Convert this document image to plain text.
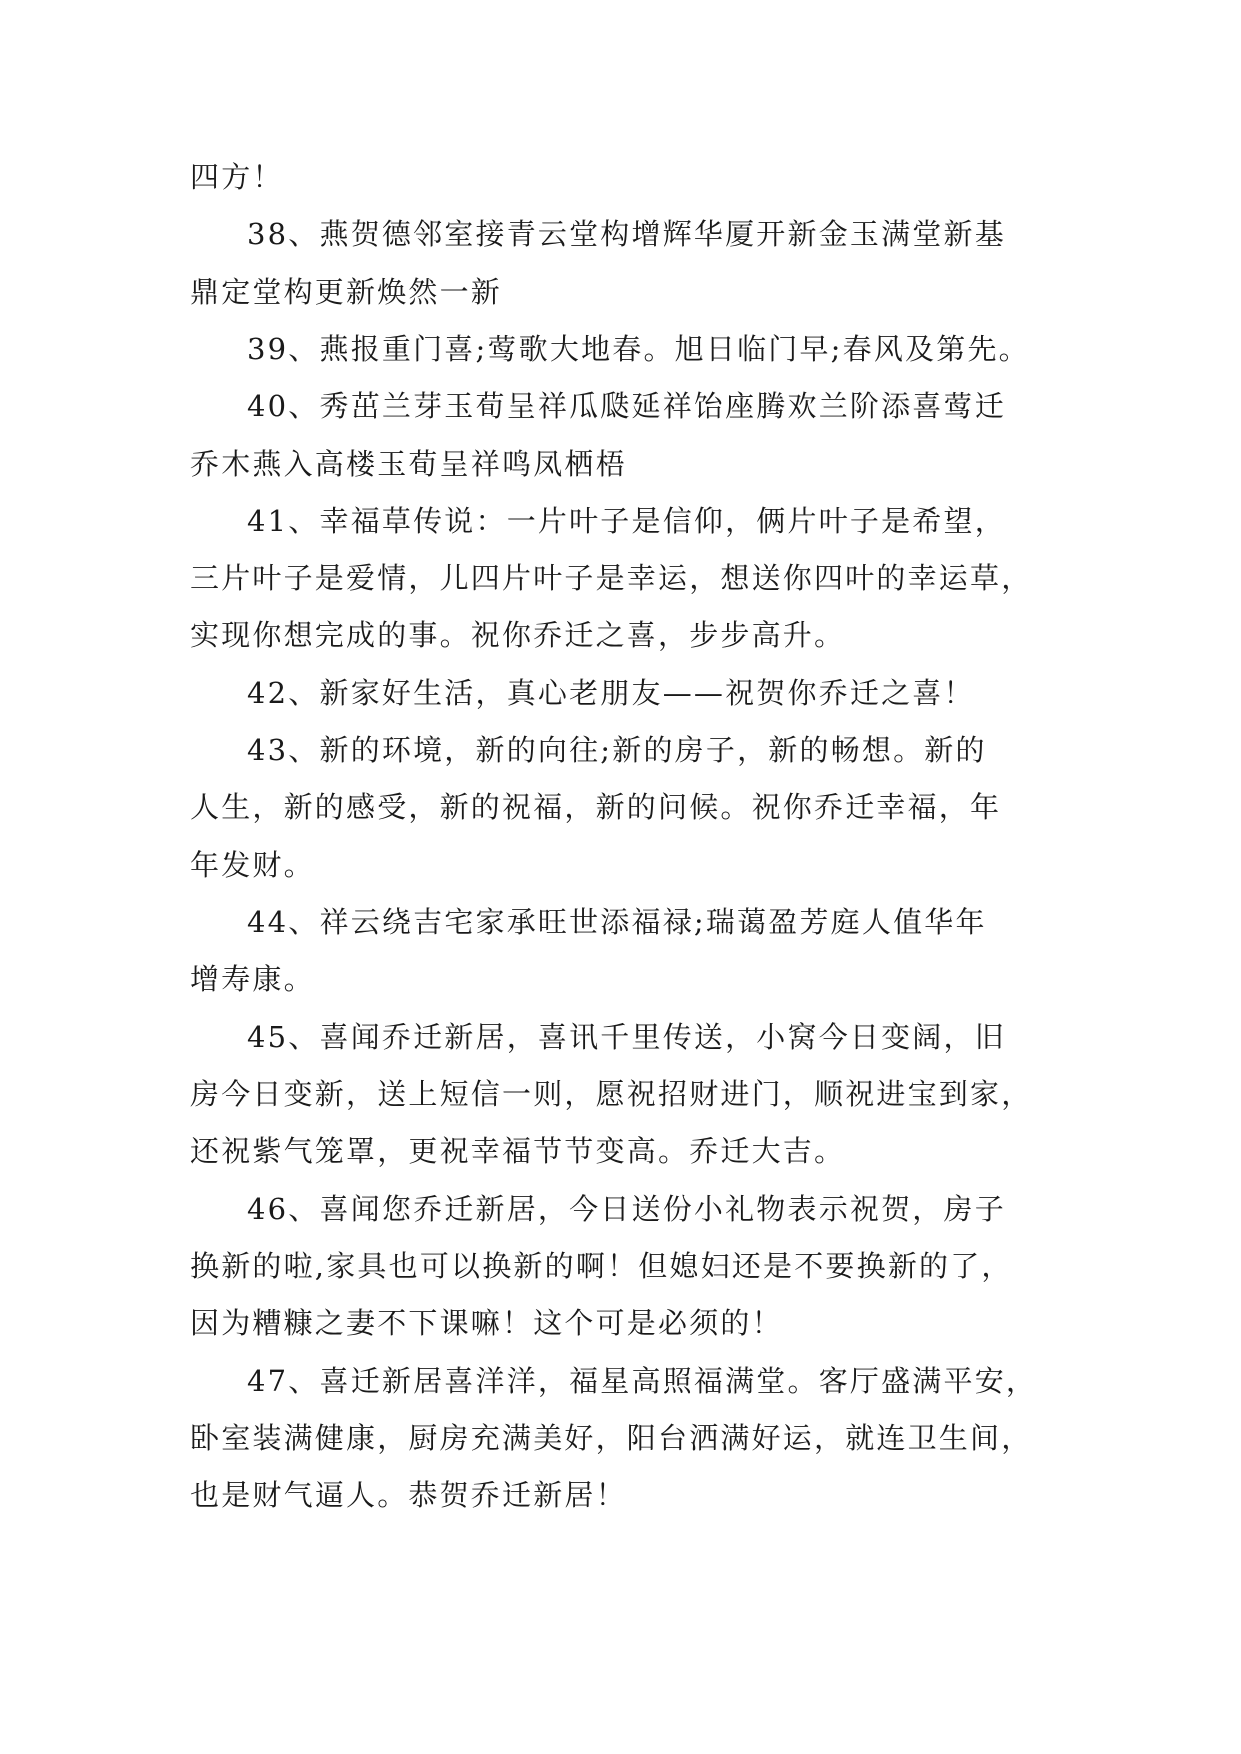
四方！
38、燕贺德邻室接青云堂构增辉华厦开新金玉满堂新基
鼎定堂构更新焕然一新
39、燕报重门喜;莺歌大地春。旭日临门早;春风及第先。
40、秀茁兰芽玉荀呈祥瓜瓞延祥饴座腾欢兰阶添喜莺迁
乔木燕入高楼玉荀呈祥鸣凤栖梧
41、幸福草传说：一片叶子是信仰，俩片叶子是希望，
三片叶子是爱情，儿四片叶子是幸运，想送你四叶的幸运草，
实现你想完成的事。祝你乔迁之喜，步步高升。
42、新家好生活，真心老朋友——祝贺你乔迁之喜！
43、新的环境，新的向往;新的房子，新的畅想。新的
人生，新的感受，新的祝福，新的问候。祝你乔迁幸福，年
年发财。
44、祥云绕吉宅家承旺世添福禄;瑞蔼盈芳庭人值华年
增寿康。
45、喜闻乔迁新居，喜讯千里传送，小窝今日变阔，旧
房今日变新，送上短信一则，愿祝招财进门，顺祝进宝到家，
还祝紫气笼罩，更祝幸福节节变高。乔迁大吉。
46、喜闻您乔迁新居，今日送份小礼物表示祝贺，房子
换新的啦,家具也可以换新的啊！但媳妇还是不要换新的了，
因为糟糠之妻不下课嘛！这个可是必须的！
47、喜迁新居喜洋洋，福星高照福满堂。客厅盛满平安，
卧室装满健康，厨房充满美好，阳台洒满好运，就连卫生间，
也是财气逼人。恭贺乔迁新居！
